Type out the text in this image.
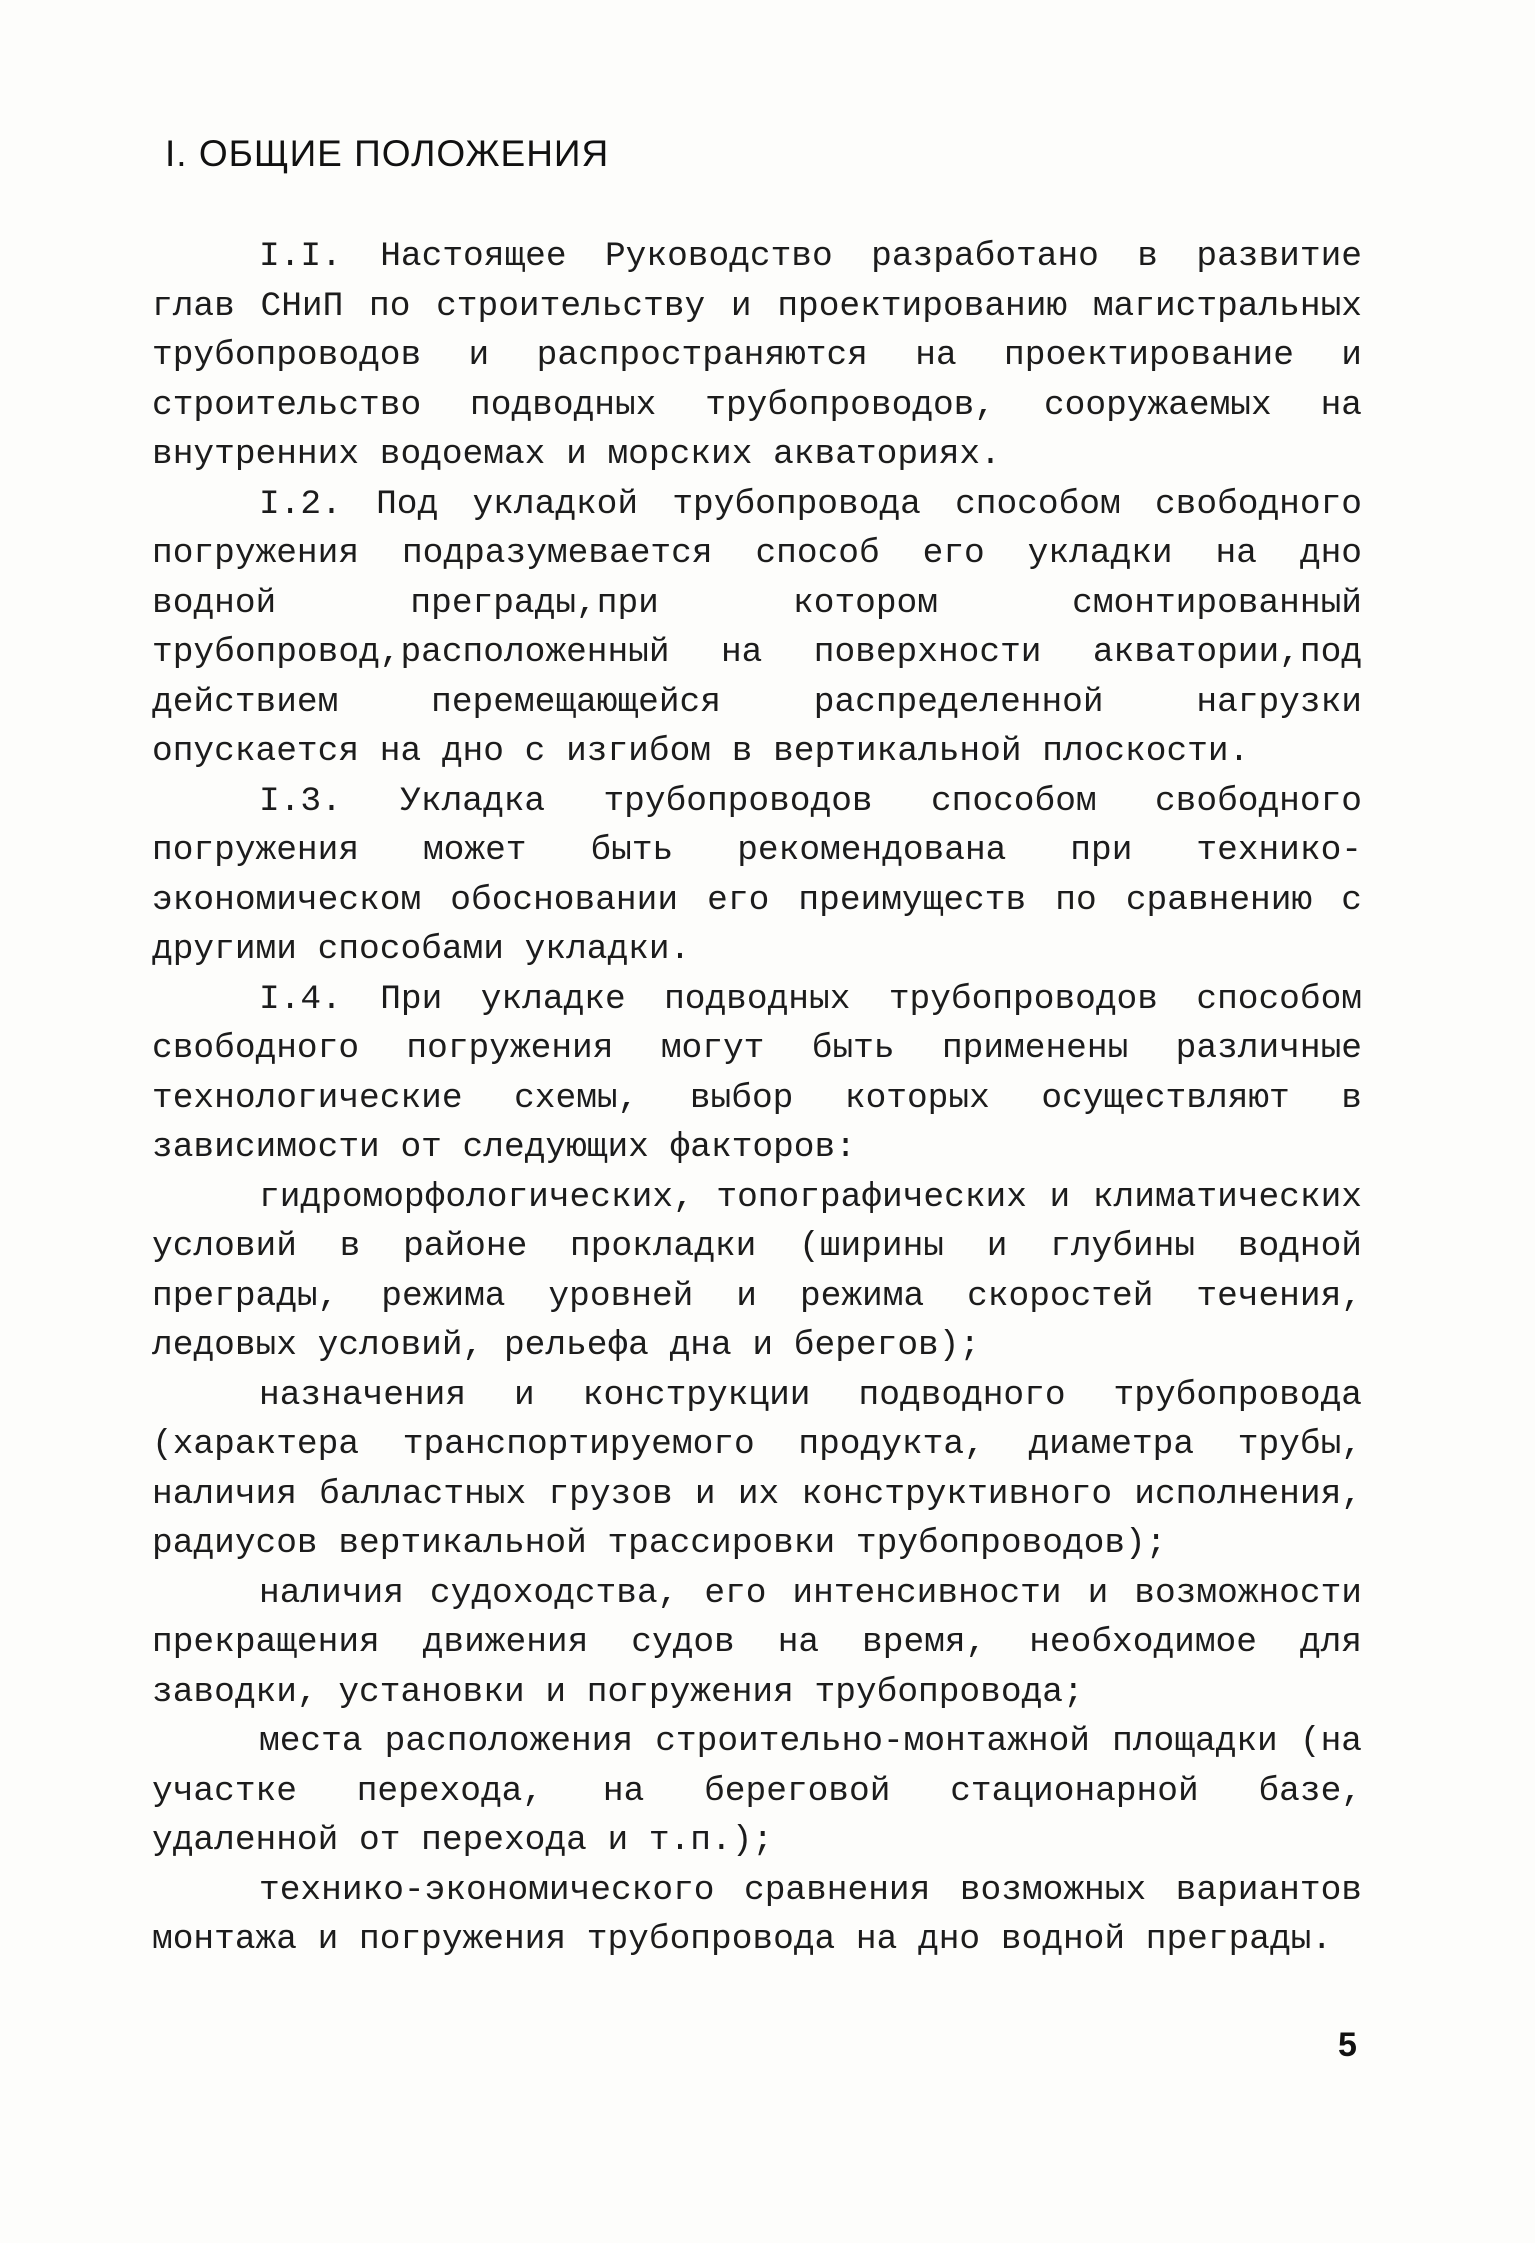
I. ОБЩИЕ ПОЛОЖЕНИЯ

I.I. Настоящее Руководство разработано в развитие глав СНиП по строительству и проектированию магистральных трубопроводов и распространяются на проектирование и строительство подводных трубопроводов, сооружаемых на внутренних водоемах и морских акваториях.

I.2. Под укладкой трубопровода способом свободного погружения подразумевается способ его укладки на дно водной преграды,при котором смонтированный трубопровод,расположенный на поверхности акватории,под действием перемещающейся распределенной нагрузки опускается на дно с изгибом в вертикальной плоскости.

I.3. Укладка трубопроводов способом свободного погружения может быть рекомендована при технико-экономическом обосновании его преимуществ по сравнению с другими способами укладки.

I.4. При укладке подводных трубопроводов способом свободного погружения могут быть применены различные технологические схемы, выбор которых осуществляют в зависимости от следующих факторов:

гидроморфологических, топографических и климатических условий в районе прокладки (ширины и глубины водной преграды, режима уровней и режима скоростей течения, ледовых условий, рельефа дна и берегов);

назначения и конструкции подводного трубопровода (характера транспортируемого продукта, диаметра трубы, наличия балластных грузов и их конструктивного исполнения, радиусов вертикальной трассировки трубопроводов);

наличия судоходства, его интенсивности и возможности прекращения движения судов на время, необходимое для заводки, установки и погружения трубопровода;

места расположения строительно-монтажной площадки (на участке перехода, на береговой стационарной базе, удаленной от перехода и т.п.);

технико-экономического сравнения возможных вариантов монтажа и погружения трубопровода на дно водной преграды.

5
